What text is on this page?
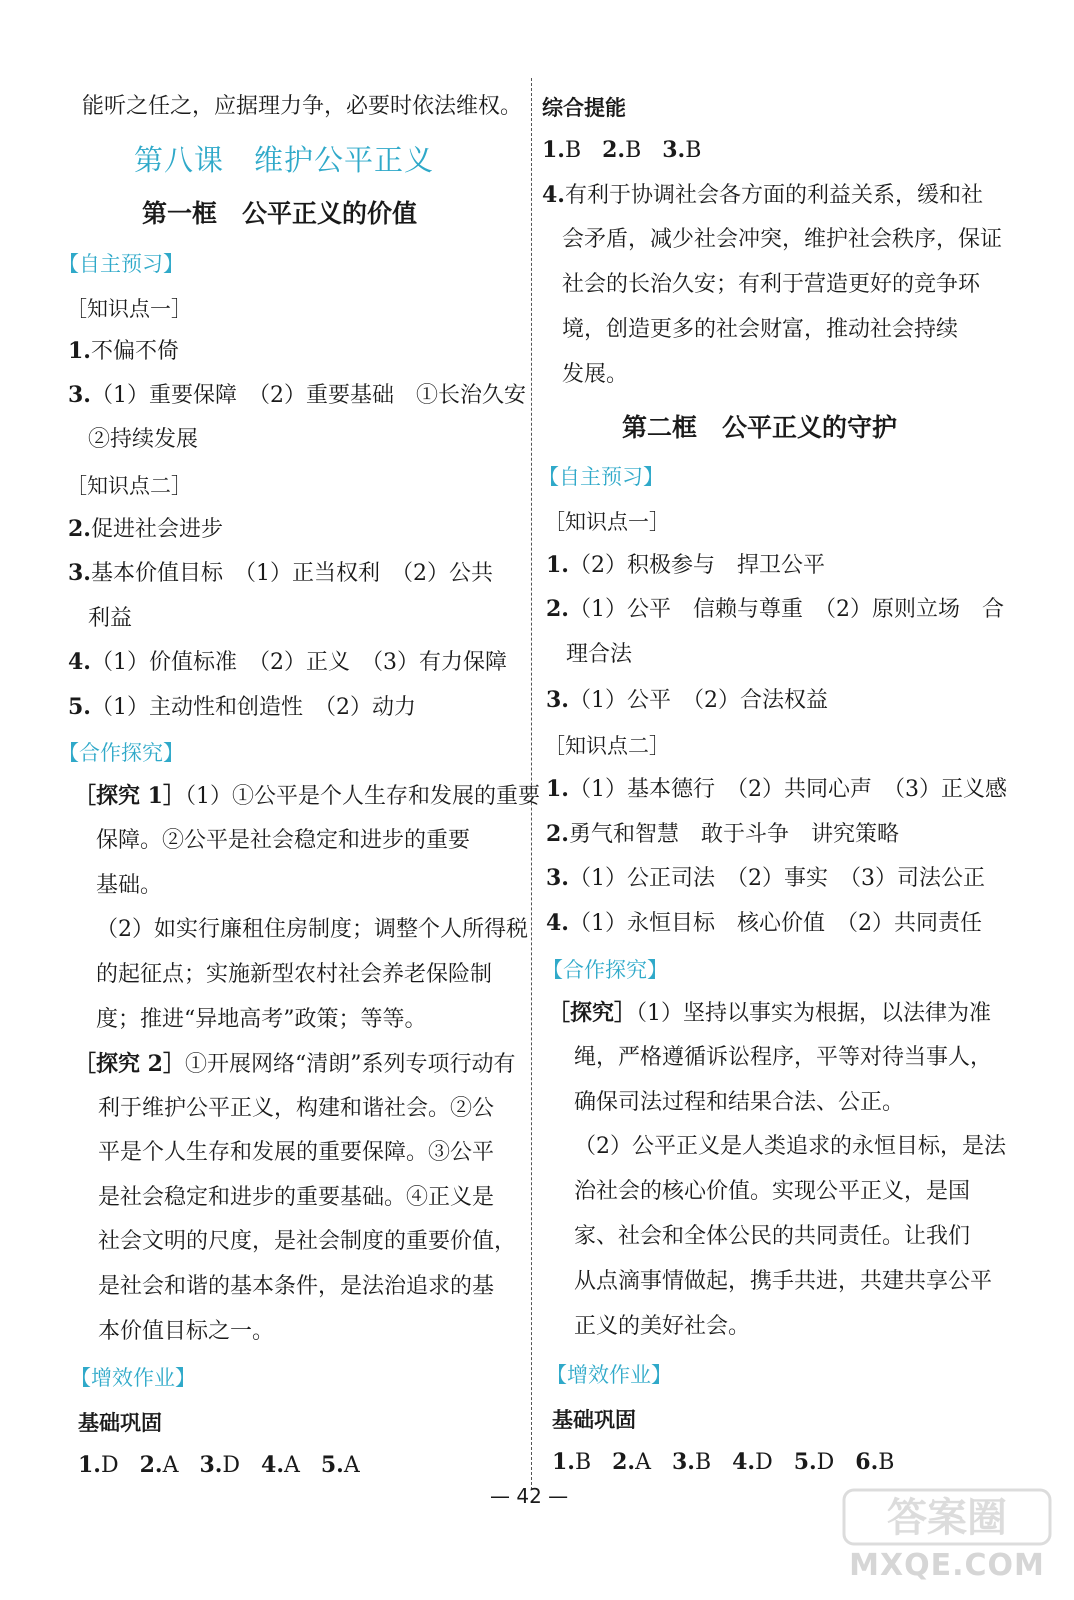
能听之任之，应据理力争，必要时依法维权。
第八课　维护公平正义
第一框　公平正义的价值
【自主预习】
［知识点一］
1.不偏不倚
3.（1）重要保障　（2）重要基础　①长治久安
②持续发展
［知识点二］
2.促进社会进步
3.基本价值目标　（1）正当权利　（2）公共
利益
4.（1）价值标准　（2）正义　（3）有力保障
5.（1）主动性和创造性　（2）动力
【合作探究】
［探究 1］（1）①公平是个人生存和发展的重要
保障。②公平是社会稳定和进步的重要
基础。
（2）如实行廉租住房制度；调整个人所得税
的起征点；实施新型农村社会养老保险制
度；推进“异地高考”政策；等等。
［探究 2］①开展网络“清朗”系列专项行动有
利于维护公平正义，构建和谐社会。②公
平是个人生存和发展的重要保障。③公平
是社会稳定和进步的重要基础。④正义是
社会文明的尺度，是社会制度的重要价值，
是社会和谐的基本条件，是法治追求的基
本价值目标之一。
【增效作业】
基础巩固
1.D 2.A 3.D 4.A 5.A
综合提能
1.B 2.B 3.B
4.有利于协调社会各方面的利益关系，缓和社
会矛盾，减少社会冲突，维护社会秩序，保证
社会的长治久安；有利于营造更好的竞争环
境，创造更多的社会财富，推动社会持续
发展。
第二框　公平正义的守护
【自主预习】
［知识点一］
1.（2）积极参与　捍卫公平
2.（1）公平　信赖与尊重　（2）原则立场　合
理合法
3.（1）公平　（2）合法权益
［知识点二］
1.（1）基本德行　（2）共同心声　（3）正义感
2.勇气和智慧　敢于斗争　讲究策略
3.（1）公正司法　（2）事实　（3）司法公正
4.（1）永恒目标　核心价值　（2）共同责任
【合作探究】
［探究］（1）坚持以事实为根据，以法律为准
绳，严格遵循诉讼程序，平等对待当事人，
确保司法过程和结果合法、公正。
（2）公平正义是人类追求的永恒目标，是法
治社会的核心价值。实现公平正义，是国
家、社会和全体公民的共同责任。让我们
从点滴事情做起，携手共进，共建共享公平
正义的美好社会。
【增效作业】
基础巩固
1.B 2.A 3.B 4.D 5.D 6.B
— 42 —	答案圈
MXQE.COM
